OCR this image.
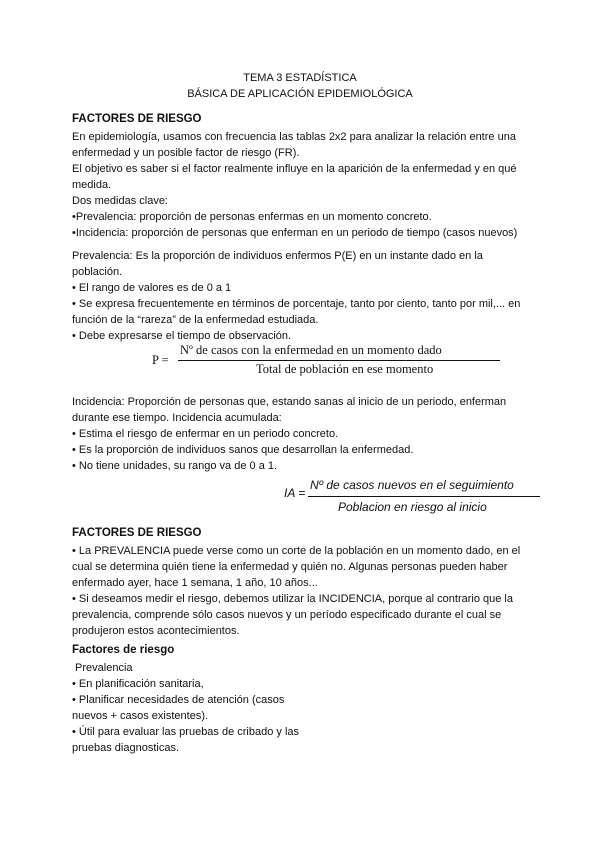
TEMA 3 ESTADÍSTICA
BÁSICA DE APLICACIÓN EPIDEMIOLÓGICA
FACTORES DE RIESGO
En epidemiología, usamos con frecuencia las tablas 2x2 para analizar la relación entre una
enfermedad y un posible factor de riesgo (FR).
El objetivo es saber si el factor realmente influye en la aparición de la enfermedad y en qué
medida.
Dos medidas clave:
•Prevalencia: proporción de personas enfermas en un momento concreto.
•Incidencia: proporción de personas que enferman en un periodo de tiempo (casos nuevos)
Prevalencia: Es la proporción de individuos enfermos P(E) en un instante dado en la
población.
• El rango de valores es de 0 a 1
• Se expresa frecuentemente en términos de porcentaje, tanto por ciento, tanto por mil,... en
función de la “rareza” de la enfermedad estudiada.
• Debe expresarse el tiempo de observación.
P =
Nº de casos con la enfermedad en un momento dado
Total de población en ese momento
Incidencia: Proporción de personas que, estando sanas al inicio de un periodo, enferman
durante ese tiempo. Incidencia acumulada:
• Estima el riesgo de enfermar en un periodo concreto.
• Es la proporción de individuos sanos que desarrollan la enfermedad.
• No tiene unidades, su rango va de 0 a 1.
IA =
Nº de casos nuevos en el seguimiento
Poblacion en riesgo al inicio
FACTORES DE RIESGO
• La PREVALENCIA puede verse como un corte de la población en un momento dado, en el
cual se determina quién tiene la enfermedad y quién no. Algunas personas pueden haber
enfermado ayer, hace 1 semana, 1 año, 10 años...
• Si deseamos medir el riesgo, debemos utilizar la INCIDENCIA, porque al contrario que la
prevalencia, comprende sólo casos nuevos y un período especificado durante el cual se
produjeron estos acontecimientos.
Factores de riesgo
Prevalencia
• En planificación sanitaria,
• Planificar necesidades de atención (casos
nuevos + casos existentes).
• Útil para evaluar las pruebas de cribado y las
pruebas diagnosticas.
